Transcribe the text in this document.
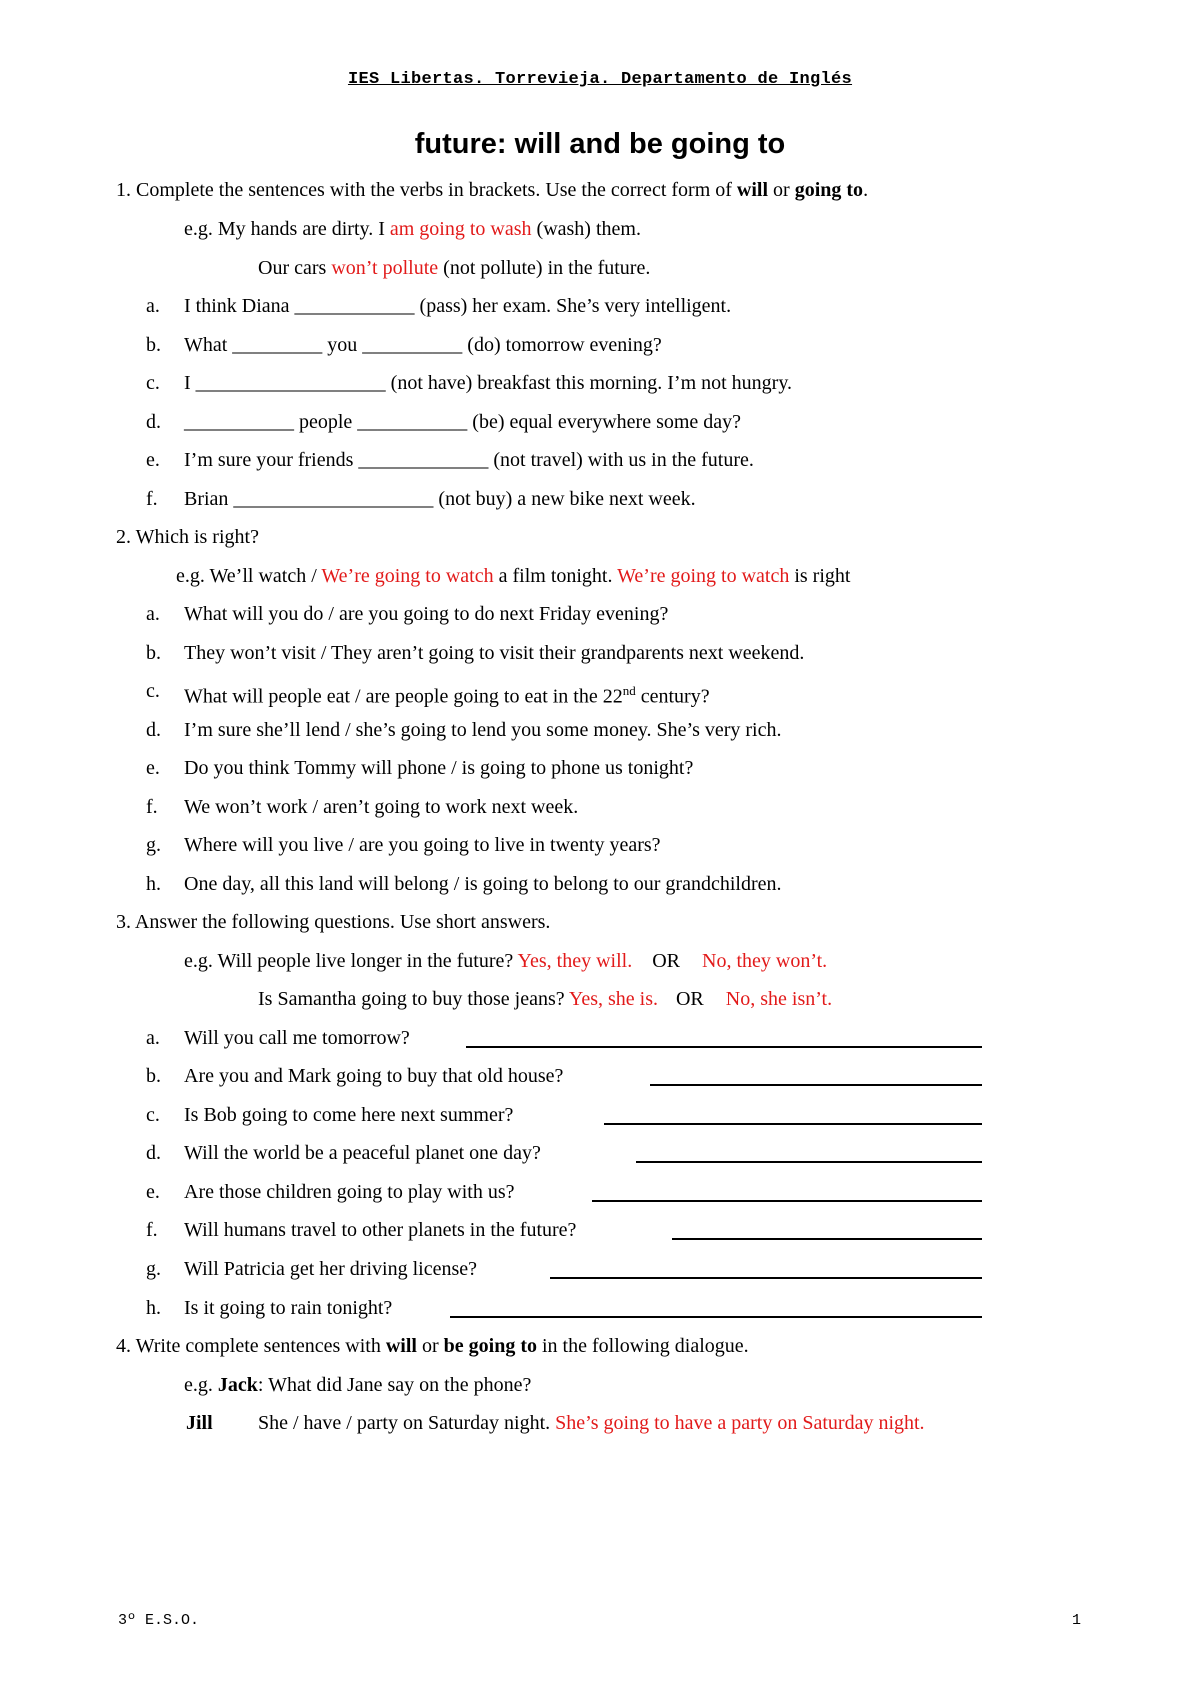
IES Libertas. Torrevieja. Departamento de Inglés
future: will and be going to
1. Complete the sentences with the verbs in brackets. Use the correct form of will or going to.
e.g. My hands are dirty. I am going to wash (wash) them.
Our cars won’t pollute (not pollute) in the future.
a. I think Diana ____________ (pass) her exam. She’s very intelligent.
b. What _________ you __________ (do) tomorrow evening?
c. I ___________________ (not have) breakfast this morning. I’m not hungry.
d. ___________ people ___________ (be) equal everywhere some day?
e. I’m sure your friends _____________ (not travel) with us in the future.
f. Brian ____________________ (not buy) a new bike next week.
2. Which is right?
e.g. We’ll watch / We’re going to watch a film tonight. We’re going to watch is right
a. What will you do / are you going to do next Friday evening?
b. They won’t visit / They aren’t going to visit their grandparents next weekend.
c. What will people eat / are people going to eat in the 22nd century?
d. I’m sure she’ll lend / she’s going to lend you some money. She’s very rich.
e. Do you think Tommy will phone / is going to phone us tonight?
f. We won’t work / aren’t going to work next week.
g. Where will you live / are you going to live in twenty years?
h. One day, all this land will belong / is going to belong to our grandchildren.
3. Answer the following questions. Use short answers.
e.g. Will people live longer in the future? Yes, they will. OR No, they won’t.
Is Samantha going to buy those jeans? Yes, she is. OR No, she isn’t.
a. Will you call me tomorrow?
b. Are you and Mark going to buy that old house?
c. Is Bob going to come here next summer?
d. Will the world be a peaceful planet one day?
e. Are those children going to play with us?
f. Will humans travel to other planets in the future?
g. Will Patricia get her driving license?
h. Is it going to rain tonight?
4. Write complete sentences with will or be going to in the following dialogue.
e.g. Jack: What did Jane say on the phone?
Jill She / have / party on Saturday night. She’s going to have a party on Saturday night.
3º E.S.O.	1
